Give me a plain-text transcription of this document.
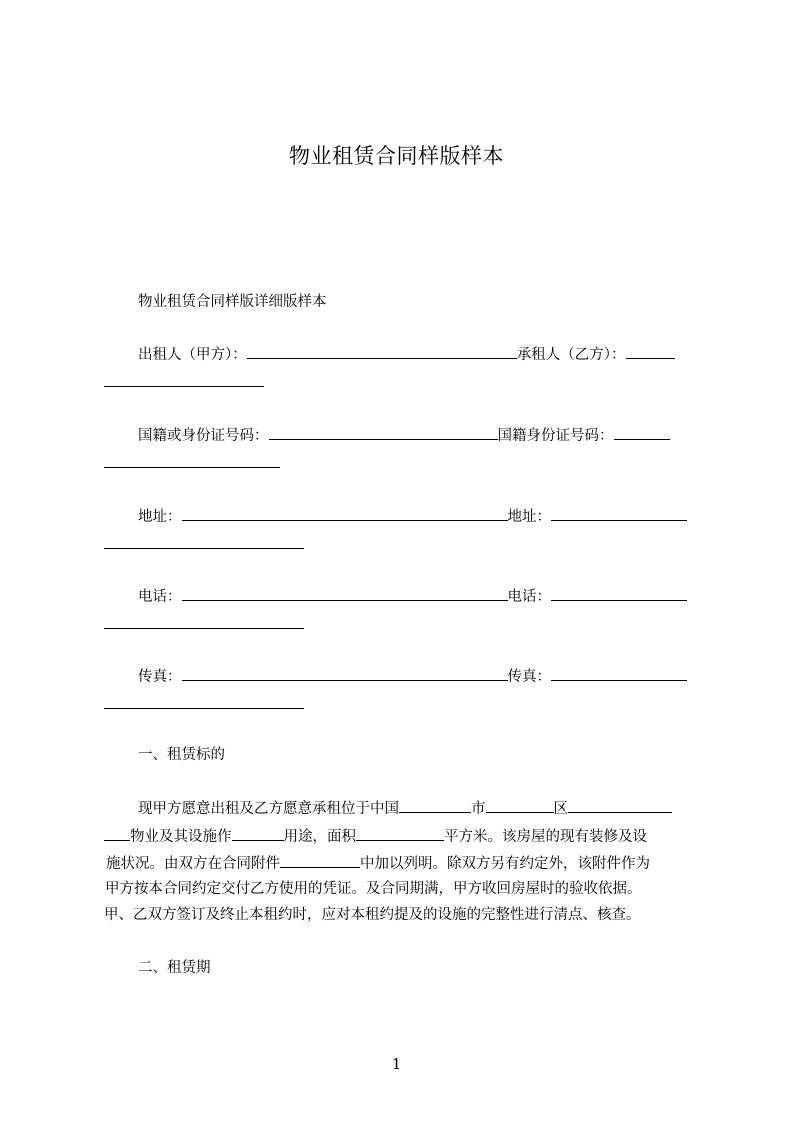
物业租赁合同样版样本
物业租赁合同样版详细版样本
出租人（甲方）：	承租人（乙方）：
国籍或身份证号码：	国籍身份证号码：
地址：	地址：
电话：	电话：
传真：	传真：
一、租赁标的
现甲方愿意出租及乙方愿意承租位于中国	市	区
物业及其设施作	用途，面积	平方米。该房屋的现有装修及设
施状况。由双方在合同附件	中加以列明。除双方另有约定外，该附件作为
甲方按本合同约定交付乙方使用的凭证。及合同期满，甲方收回房屋时的验收依据。
甲、乙双方签订及终止本租约时，应对本租约提及的设施的完整性进行清点、核查。
二、租赁期
1
